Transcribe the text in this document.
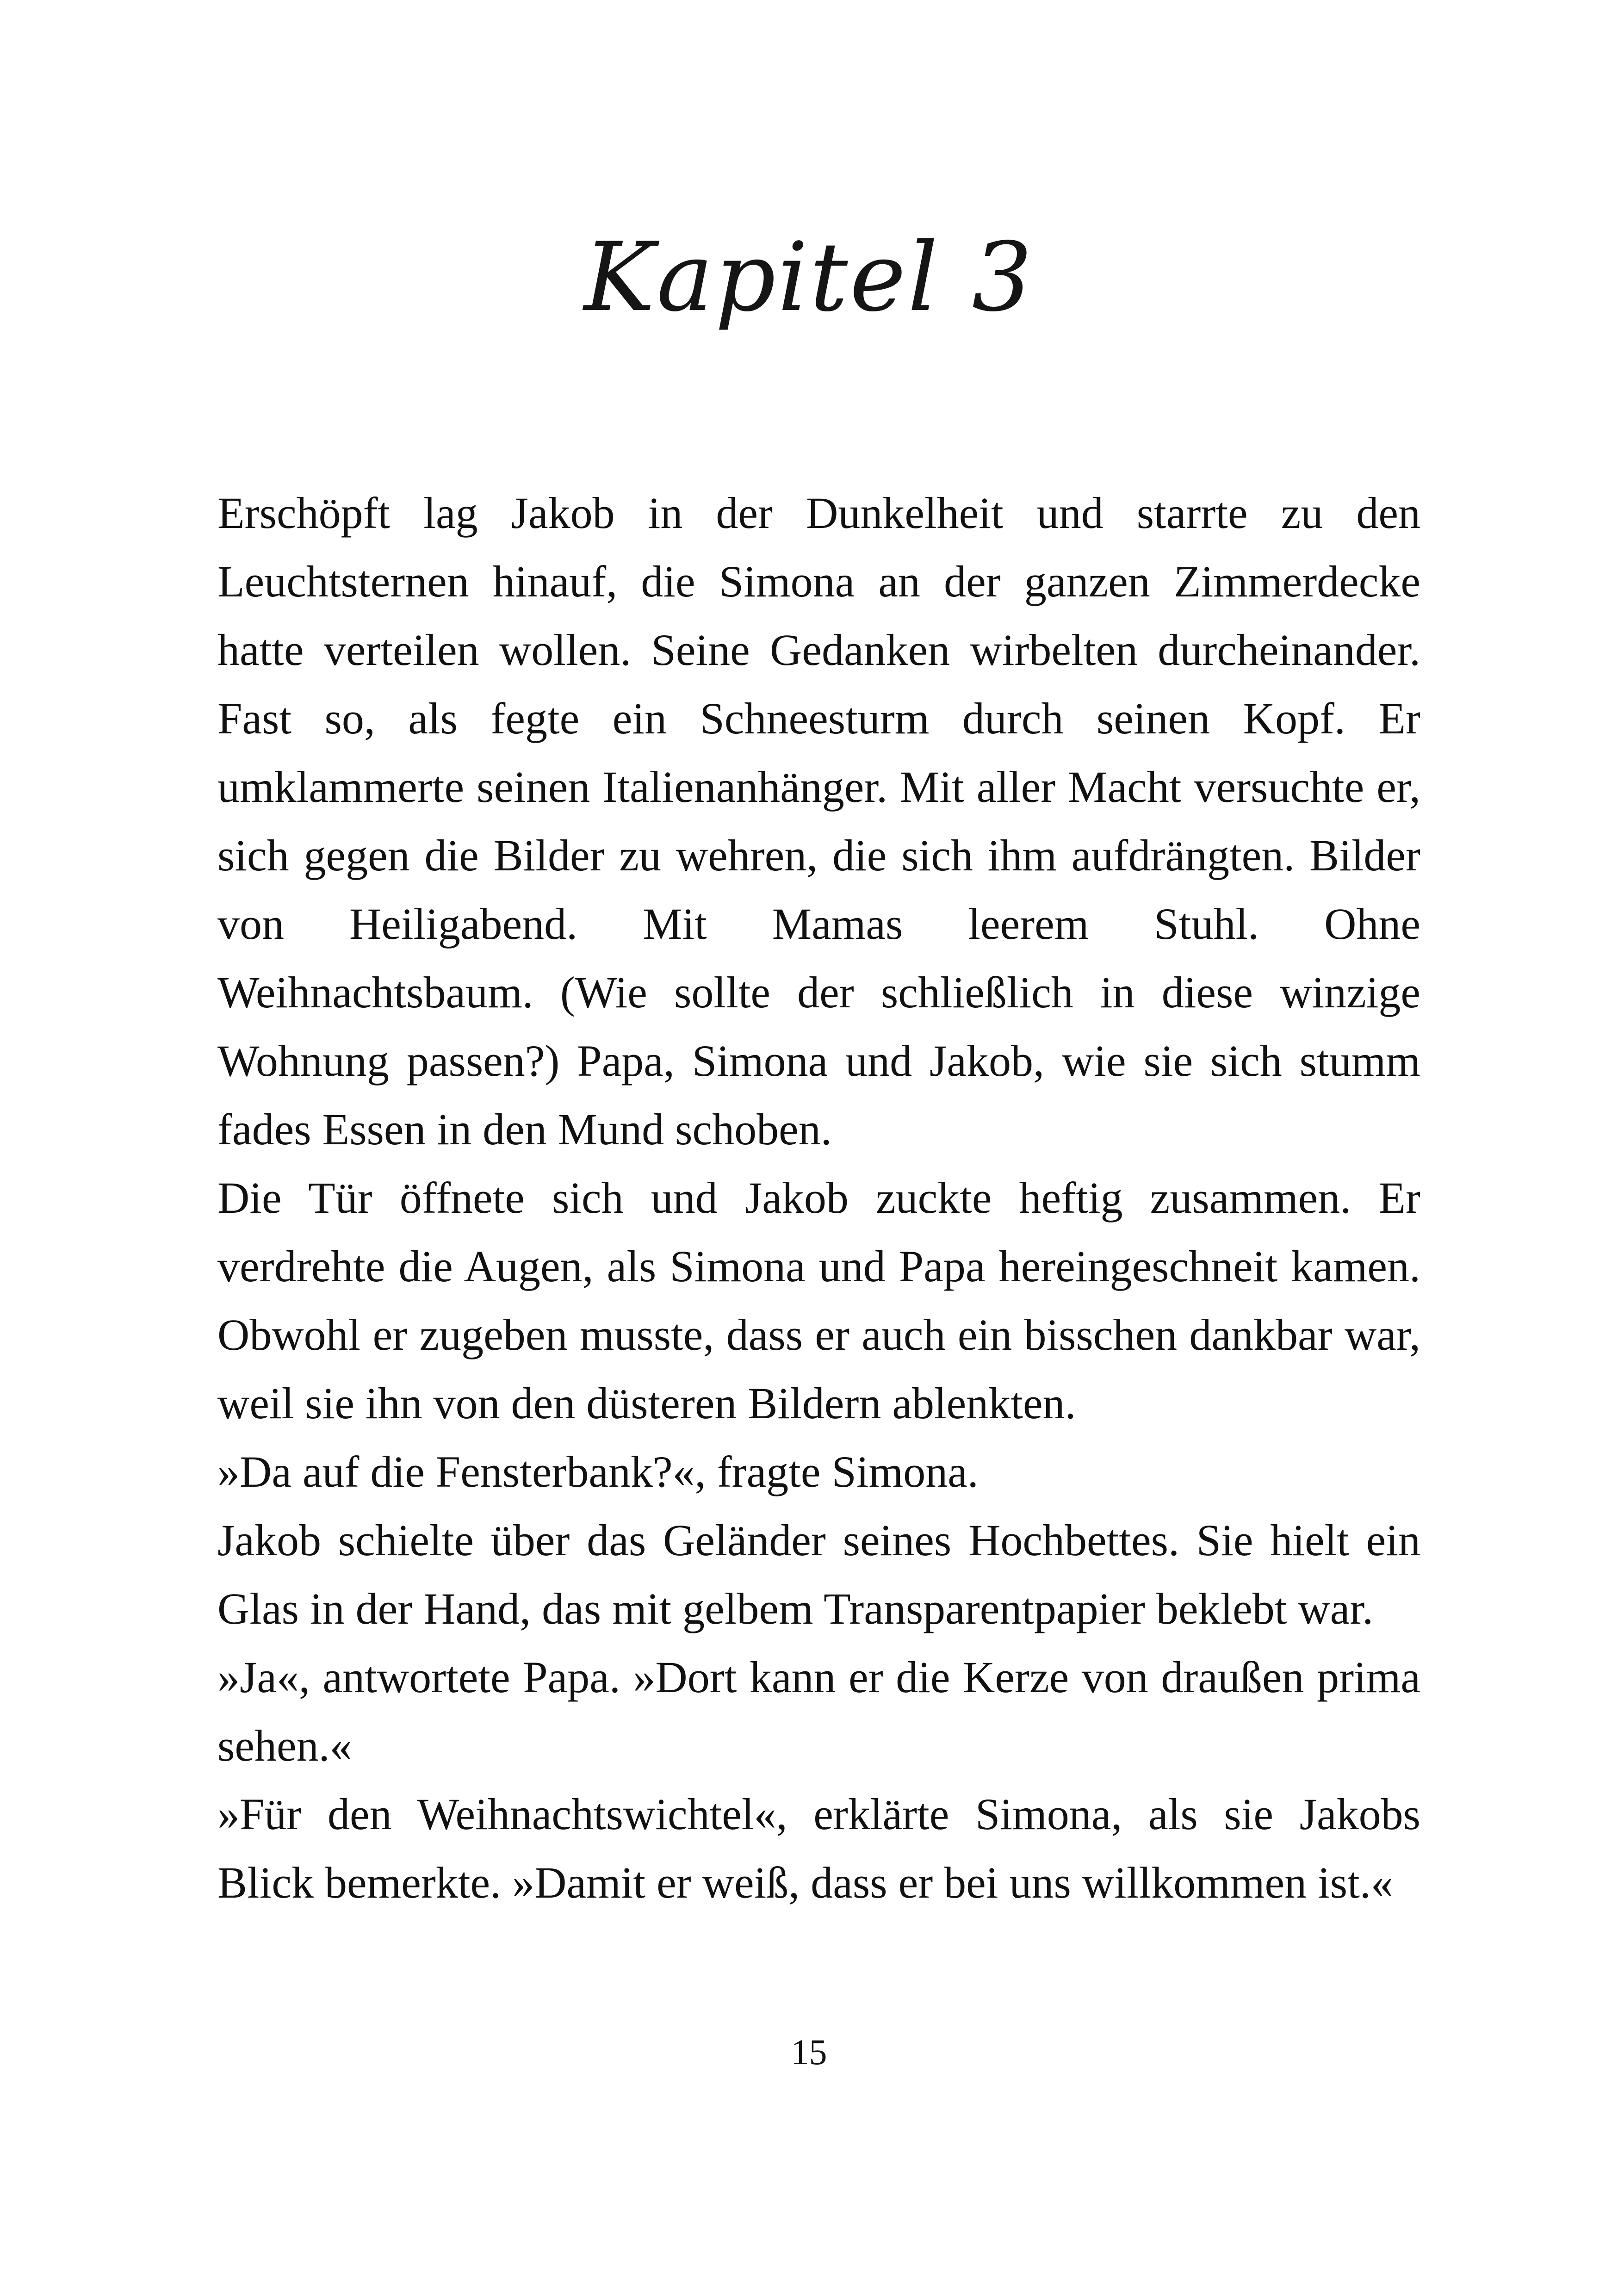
Kapitel 3

Erschöpft lag Jakob in der Dunkelheit und starrte zu den Leuchtsternen hinauf, die Simona an der ganzen Zimmerdecke hatte verteilen wollen. Seine Gedanken wirbelten durcheinander. Fast so, als fegte ein Schneesturm durch seinen Kopf. Er umklammerte seinen Italienanhänger. Mit aller Macht versuchte er, sich gegen die Bilder zu wehren, die sich ihm aufdrängten. Bilder von Heiligabend. Mit Mamas leerem Stuhl. Ohne Weihnachtsbaum. (Wie sollte der schließlich in diese winzige Wohnung passen?) Papa, Simona und Jakob, wie sie sich stumm fades Essen in den Mund schoben.

Die Tür öffnete sich und Jakob zuckte heftig zusammen. Er verdrehte die Augen, als Simona und Papa hereingeschneit kamen. Obwohl er zugeben musste, dass er auch ein bisschen dankbar war, weil sie ihn von den düsteren Bildern ablenkten.

»Da auf die Fensterbank?«, fragte Simona.

Jakob schielte über das Geländer seines Hochbettes. Sie hielt ein Glas in der Hand, das mit gelbem Transparentpapier beklebt war.

»Ja«, antwortete Papa. »Dort kann er die Kerze von draußen prima sehen.«

»Für den Weihnachtswichtel«, erklärte Simona, als sie Jakobs Blick bemerkte. »Damit er weiß, dass er bei uns willkommen ist.«

15
